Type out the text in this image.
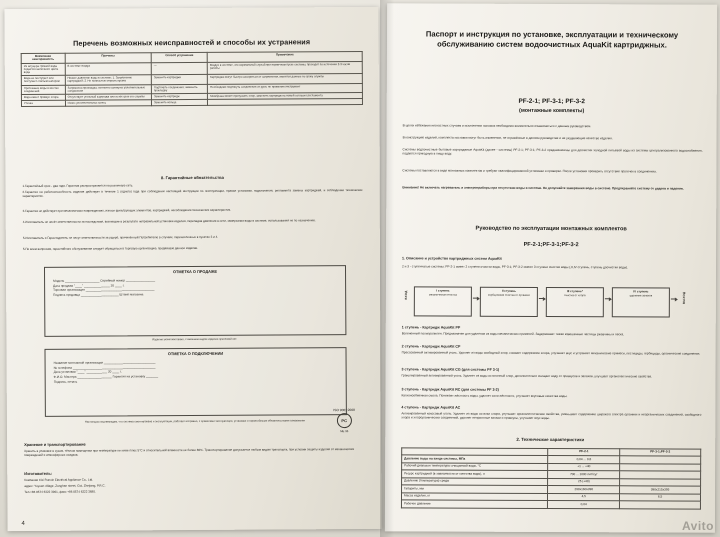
Перечень возможных неисправностей и способы их устранения
Возможная неисправность	Причины	Способ устранения	Примечание
Из штуцера грязной воды подаётся молочного цвета вода	В системе воздух	—	Воздух в системе, это нормальный случай при первичном пуске системы, проходит по истечении 2-3 часов работы
Вода не поступает или поступает слабым напором	Низкое давление воды в системе; 1. Загрязнение картриджей; 2. Не полностью открыты краны	Заменить картриджи	Картриджи могут быстро засориться от загрязнения, имеются данные по сроку службы
Протекание воды в местах соединений	Загрязнена прокладка; неплотно затянуты уплотнительные соединения	Подтянуть соединения; заменить прокладку	Необходимо подтянуть соединения от руки, не применяя инструмент
Вода имеет привкус хлора	Отсутствует угольный картридж или истёк срок его службы	Заменить картридж	Мембрана может пропускать хлор, заменить картридж на новый согласно регламента
Утечка	Износ уплотнительных колец	Заменить кольца	
8. Гарантийные обязательства
1.Гарантийный срок - два года. Гарантия распространяется на розничную сеть.
2.Гарантия на работоспособность изделия действует в течение 1 (одного) года при соблюдении настоящей инструкции по эксплуатации, правил установки, подключения, регламента замены картриджей, и соблюдении технических характеристик.
3.Гарантия не действует при механических повреждениях, износе фильтрующих элементов, картриджей, несоблюдении технических характеристик.
4.Изготовитель не несёт ответственности за последствия, возникшие в результате неправильной установки изделия, перепадов давления в сети, замерзания воды в системе, использования не по назначению.
5.Изготовитель и Гарантодатель не несут ответственности за ущерб, причинённый Потребителю в случаях, перечисленных в пунктах 3 и 4.
5.По всем вопросам, гарантийного обслуживания следует обращаться в торговую организацию, продавшую данное изделие.
ОТМЕТКА О ПРОДАЖЕ
Модель ____________________ Серийный номер _________________
Дата продажи "____" _______________ 20 ____ г.
Торговая организация ________________________________________
Подпись продавца ______________________ Штамп магазина
Изделие укомплектовано, с внешним видом изделия претензий нет
ОТМЕТКА О ПОДКЛЮЧЕНИИ
Название монтажной организации ______________________________
№ телефона ________________________________________________
Дата установки "____" ____________ 20 ____ г.
Ф.И.О. Мастера ____________________ Гарантия на установку _______
Подпись, печать
Настоящим подтверждаю, что система смонтирована и эксплуатации, работает исправно, с правилами эксплуатации, установки и гарантийными обязательствами ознакомлен
Хранение и транспортирование
Хранить в упаковке в сухом, тёплом помещении при температуре не ниже плюс 5°С и относительной влажности не более 80%. Транспортирование допускается любым видом транспорта, при условии защиты изделия от механических повреждений и атмосферных осадков.
Изготовитель:
Компания Cixi Runxin Electrical Appliance Co., Ltd.
адрес: Yuyuan village, Zonghan street, Cixi, Zhejiang, P.R.C.
Тел.+86 0574 6322 3901, факс +86 0574 6322 3680.
ISO 9001:2008
PC
МЕ 96
4
Паспорт и инструкция по установке, эксплуатации и техническому обслуживанию систем водоочистных AquaKit картриджных.
PF-2-1; PF-3-1; PF-3-2
(монтажные комплекты)
В целях избежания несчастных случаев и исключения поломок необходимо внимательно ознакомиться с данным руководством.
В конструкцию изделий, комплекта поставки могут быть изменения, не отражённые в данном руководстве и не ухудшающие качество изделия.
Системы водоочистные бытовые картриджные AquaKit (далее - системы) PF-2-1; PF-3-1; PF-3-2 предназначены для доочистки холодной питьевой воды из системы централизованного водоснабжения, подаются пригодную в пищу воду.
Системы поставляются в виде монтажных комплектов и требуют квалифицированной установки и проверки. После установки проверить отсутствие протечек в соединениях.
Внимание! Не включать нагреватель и электроприборы при отсутствии воды в системе. Не допускайте замерзания воды в системе. Предохраняйте систему от ударов и падения.
Руководство по эксплуатации монтажных комплектов
PF-2-1;PF-3-1;PF-3-2
1. Описание и устройство картриджных систем AquaKit
2 и 3 - ступенчатые системы: PF-2-1 имеет 2 ступени очистки воды, PF-3-1; PF-3-2 имеют 3 ступени очистки воды (,II,IV ступень, ступень доочистки воды).
ВХОД	I ступень
механическая очистка
II ступень
сорбционная очистка от органики
III ступень*
очистка от хлора
IV ступень
удаление запахов	ВЫХОД
1 ступень - Картридж AquaKit PP
Вспененный полипропилен. Предназначен для удаления из воды механических примесей. Задерживает также взвешенные частицы ржавчины и песка.
2 ступень - Картридж AquaKit CP
Прессованный активированный уголь. Удаляет из воды свободный хлор, снижает содержание хлора, улучшает вкус и устраняет механические примеси, пестициды, гербициды, органические соединения.
3 ступень - Картридж AquaKit CG (для системы PF 3-1)
Гранулированный активированный уголь. Удаляет из воды остаточный хлор, дополнительно очищает воду от привкусов и запахов, улучшает органолептические свойства.
3 ступень - Картридж AquaKit RC (для системы PF 3-2)
Катионообменная смола. Понижает жёсткость воды, удаляет соли жёсткости, улучшает вкусовые качества воды.
4 ступень - Картридж AquaKit АС
Активированный кокосовый уголь. Удаляет из воды остатки хлора, улучшает органолептические свойства, уменьшает содержание широкого спектра органики и неорганических соединений, свободного хлора и хлорорганических соединений, удаляет неприятные запахи и привкусы, улучшает вкус воды.
2. Технические характеристики
	PF-2-1	PF-3-1;PF-3-2
Давление воды на входе системы, МПа	0,04 ... 0,8	
Рабочий диапазон температуры очищаемой воды, °С	+1 ... +40	
Ресурс картриджей (в зависимости от качества воды), л	700 ... 1000 лит/сут	
Давление (температура) среды	25 (+40)	
Габариты, мм	290x160x390	380x215x395
Масса изделия, кг	4,5	6,5
Рабочее давление	0,04	
Avito
